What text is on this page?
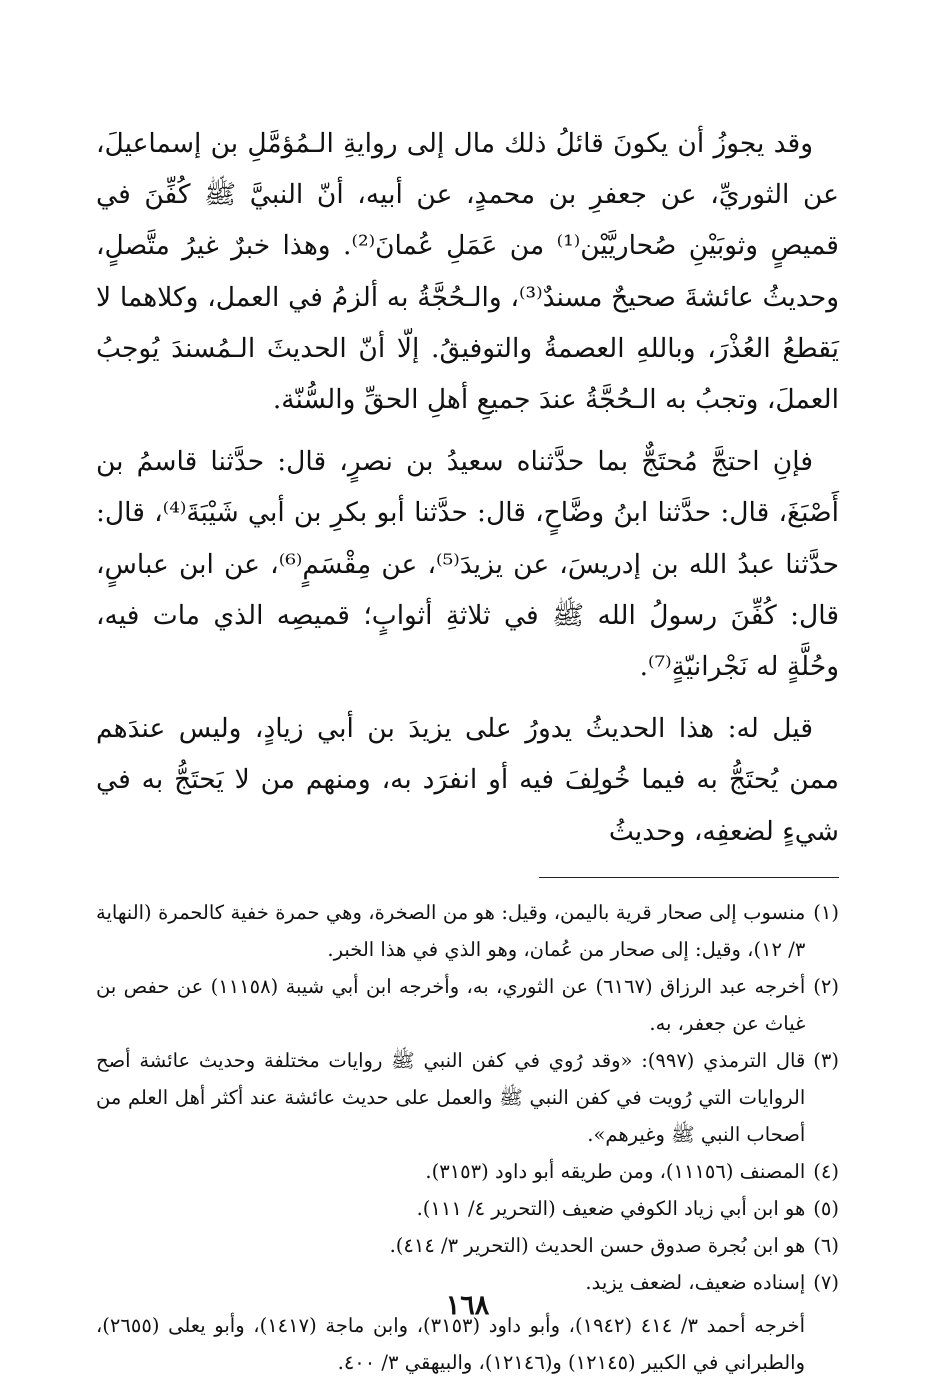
وقد يجوزُ أن يكونَ قائلُ ذلك مال إلى روايةِ الـمُؤمَّلِ بن إسماعيلَ، عن الثوريِّ، عن جعفرِ بن محمدٍ، عن أبيه، أنّ النبيَّ ﷺ كُفِّنَ في قميصٍ وثوبَيْنِ صُحاريَّيْن⁽¹⁾ من عَمَلِ عُمانَ⁽²⁾. وهذا خبرٌ غيرُ متَّصلٍ، وحديثُ عائشةَ صحيحٌ مسندٌ⁽³⁾، والـحُجَّةُ به ألزمُ في العمل، وكلاهما لا يَقطعُ العُذْرَ، وباللهِ العصمةُ والتوفيقُ. إلّا أنّ الحديثَ الـمُسندَ يُوجبُ العملَ، وتجبُ به الـحُجَّةُ عندَ جميعِ أهلِ الحقِّ والسُّنّة.

فإنِ احتجَّ مُحتَجٌّ بما حدَّثناه سعيدُ بن نصرٍ، قال: حدَّثنا قاسمُ بن أَصْبَغَ، قال: حدَّثنا ابنُ وضَّاحٍ، قال: حدَّثنا أبو بكرِ بن أبي شَيْبَةَ⁽⁴⁾، قال: حدَّثنا عبدُ الله بن إدريسَ، عن يزيدَ⁽⁵⁾، عن مِقْسَمٍ⁽⁶⁾، عن ابن عباسٍ، قال: كُفِّنَ رسولُ الله ﷺ في ثلاثةِ أثوابٍ؛ قميصِه الذي مات فيه، وحُلَّةٍ له نَجْرانيّةٍ⁽⁷⁾.

قيل له: هذا الحديثُ يدورُ على يزيدَ بن أبي زيادٍ، وليس عندَهم ممن يُحتَجُّ به فيما خُولِفَ فيه أو انفرَد به، ومنهم من لا يَحتَجُّ به في شيءٍ لضعفِه، وحديثُ

(١)
منسوب إلى صحار قرية باليمن، وقيل: هو من الصخرة، وهي حمرة خفية كالحمرة (النهاية ٣/ ١٢)، وقيل: إلى صحار من عُمان، وهو الذي في هذا الخبر.
(٢)
أخرجه عبد الرزاق (٦١٦٧) عن الثوري، به، وأخرجه ابن أبي شيبة (١١١٥٨) عن حفص بن غياث عن جعفر، به.
(٣)
قال الترمذي (٩٩٧): «وقد رُوي في كفن النبي ﷺ روايات مختلفة وحديث عائشة أصح الروايات التي رُويت في كفن النبي ﷺ والعمل على حديث عائشة عند أكثر أهل العلم من أصحاب النبي ﷺ وغيرهم».
(٤)
المصنف (١١١٥٦)، ومن طريقه أبو داود (٣١٥٣).
(٥)
هو ابن أبي زياد الكوفي ضعيف (التحرير ٤/ ١١١).
(٦)
هو ابن بُجرة صدوق حسن الحديث (التحرير ٣/ ٤١٤).
(٧)
إسناده ضعيف، لضعف يزيد.
أخرجه أحمد ٣/ ٤١٤ (١٩٤٢)، وأبو داود (٣١٥٣)، وابن ماجة (١٤١٧)، وأبو يعلى (٢٦٥٥)، والطبراني في الكبير (١٢١٤٥) و(١٢١٤٦)، والبيهقي ٣/ ٤٠٠.
١٦٨
